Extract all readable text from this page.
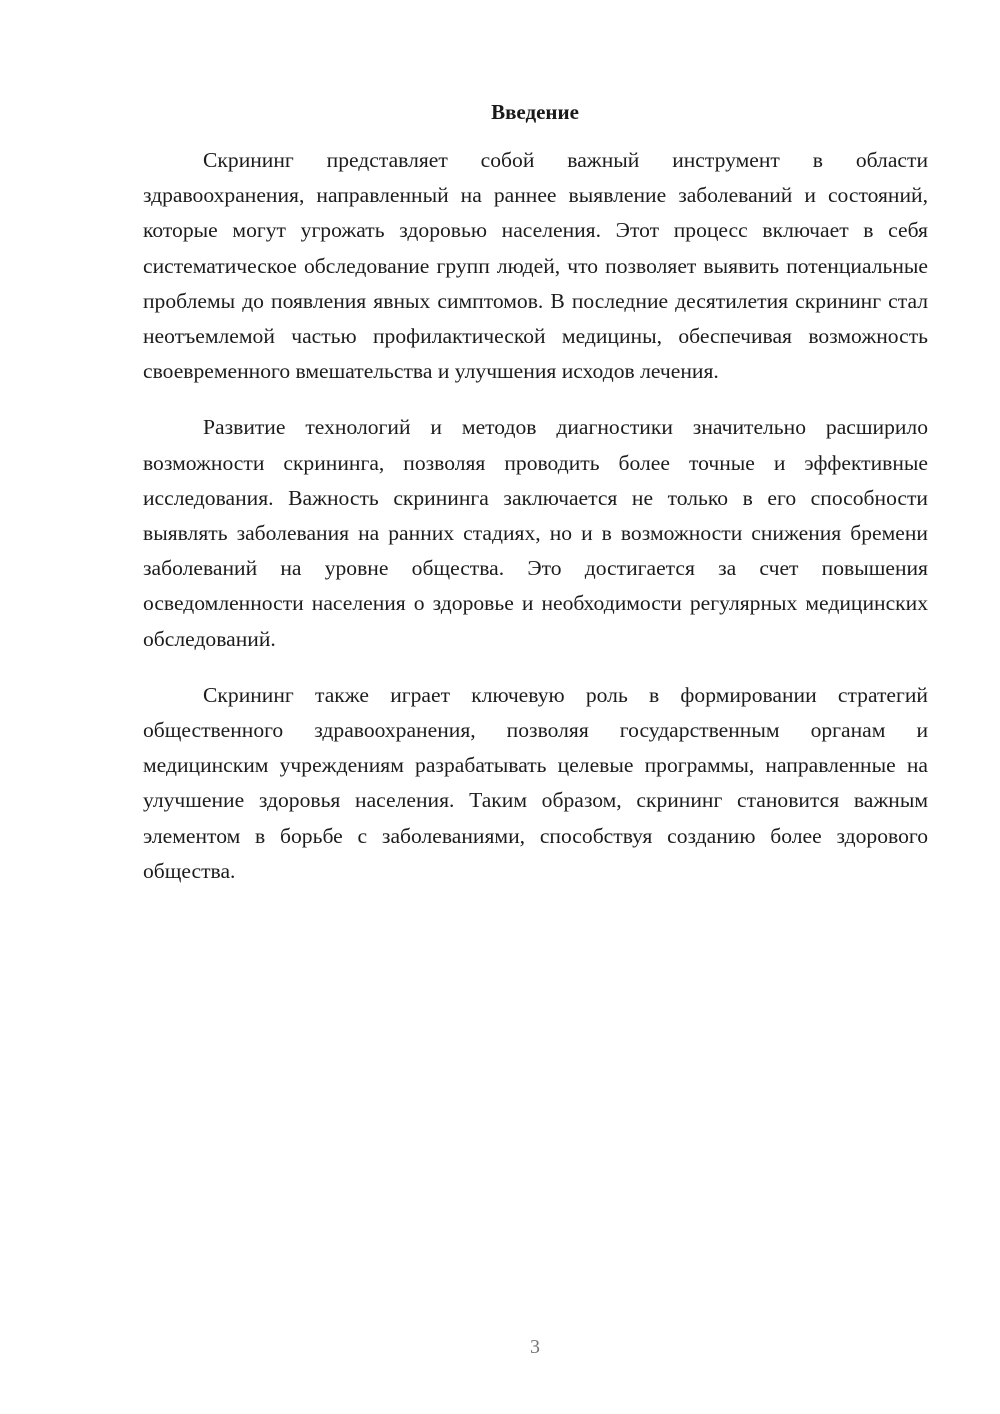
Введение

Скрининг представляет собой важный инструмент в области здравоохранения, направленный на раннее выявление заболеваний и состояний, которые могут угрожать здоровью населения. Этот процесс включает в себя систематическое обследование групп людей, что позволяет выявить потенциальные проблемы до появления явных симптомов. В последние десятилетия скрининг стал неотъемлемой частью профилактической медицины, обеспечивая возможность своевременного вмешательства и улучшения исходов лечения.

Развитие технологий и методов диагностики значительно расширило возможности скрининга, позволяя проводить более точные и эффективные исследования. Важность скрининга заключается не только в его способности выявлять заболевания на ранних стадиях, но и в возможности снижения бремени заболеваний на уровне общества. Это достигается за счет повышения осведомленности населения о здоровье и необходимости регулярных медицинских обследований.

Скрининг также играет ключевую роль в формировании стратегий общественного здравоохранения, позволяя государственным органам и медицинским учреждениям разрабатывать целевые программы, направленные на улучшение здоровья населения. Таким образом, скрининг становится важным элементом в борьбе с заболеваниями, способствуя созданию более здорового общества.

3
